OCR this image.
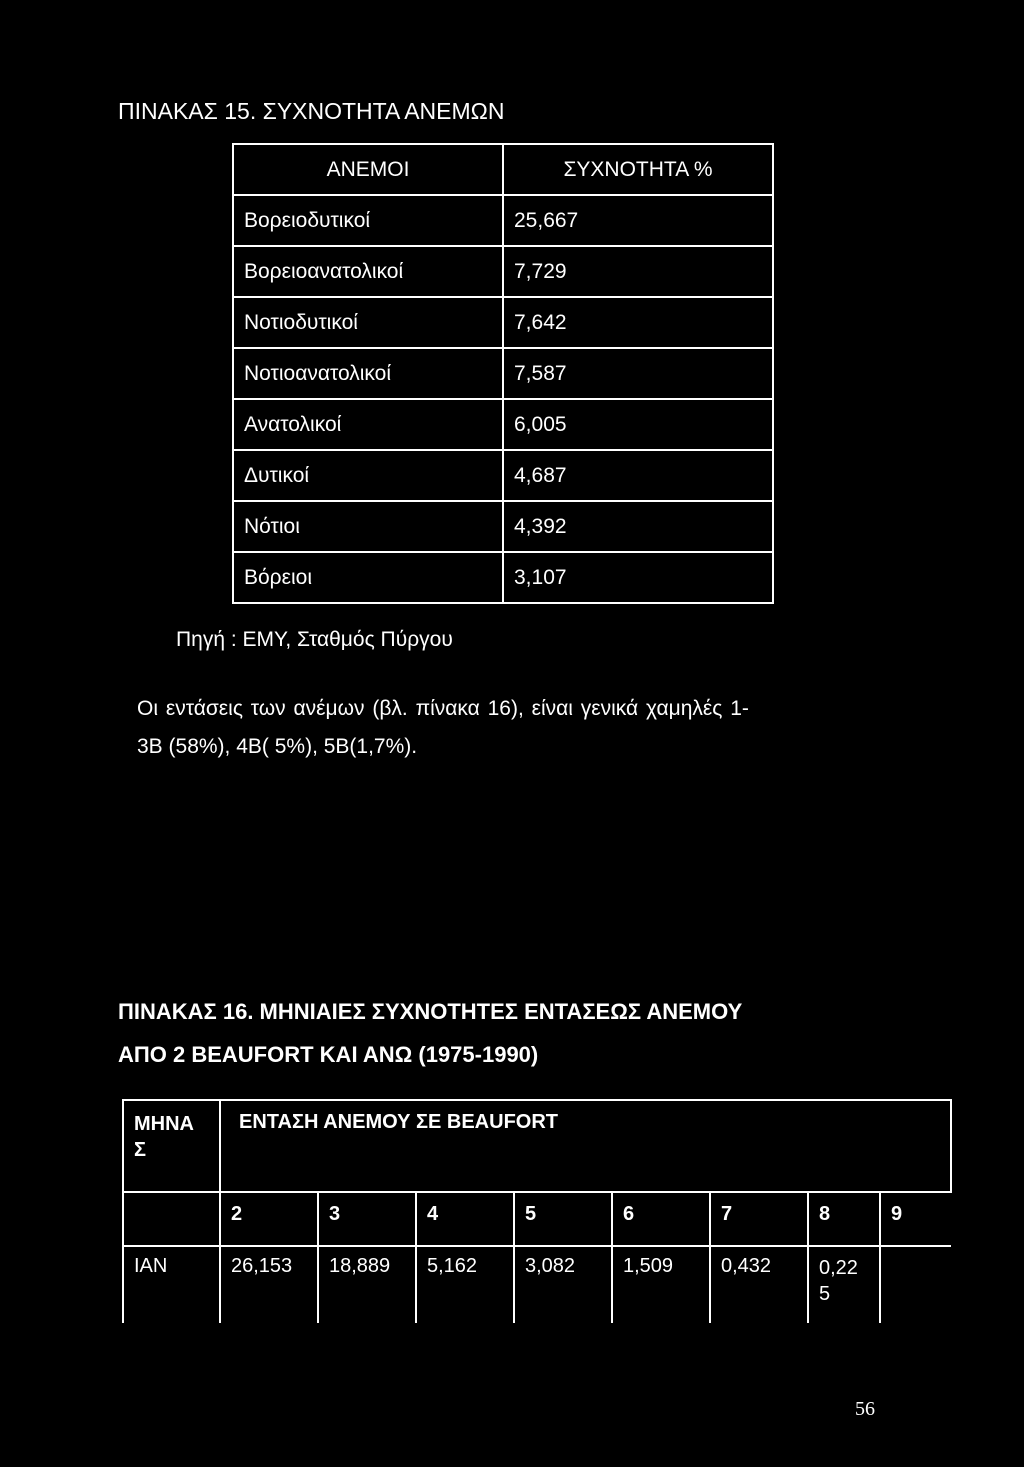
ΠΙΝΑΚΑΣ 15. ΣΥΧΝΟΤΗΤΑ ΑΝΕΜΩΝ
ΑΝΕΜΟΙ	ΣΥΧΝΟΤΗΤΑ %
Βορειοδυτικοί	25,667
Βορειοανατολικοί	7,729
Νοτιοδυτικοί	7,642
Νοτιοανατολικοί	7,587
Ανατολικοί	6,005
Δυτικοί	4,687
Νότιοι	4,392
Βόρειοι	3,107
Πηγή : ΕΜΥ, Σταθμός Πύργου
Οι εντάσεις των ανέμων (βλ. πίνακα 16), είναι γενικά χαμηλές 1-
3Β (58%), 4Β( 5%), 5Β(1,7%).
ΠΙΝΑΚΑΣ 16. ΜΗΝΙΑΙΕΣ ΣΥΧΝΟΤΗΤΕΣ ΕΝΤΑΣΕΩΣ ΑΝΕΜΟΥ
ΑΠΟ 2 BEAUFORT ΚΑΙ ΑΝΩ (1975-1990)
ΜΗΝΑ
Σ	ΕΝΤΑΣΗ ΑΝΕΜΟΥ ΣΕ BEAUFORT							
	2	3	4	5	6	7	8	9
ΙΑΝ	26,153	18,889	5,162	3,082	1,509	0,432	0,22
5	
56
